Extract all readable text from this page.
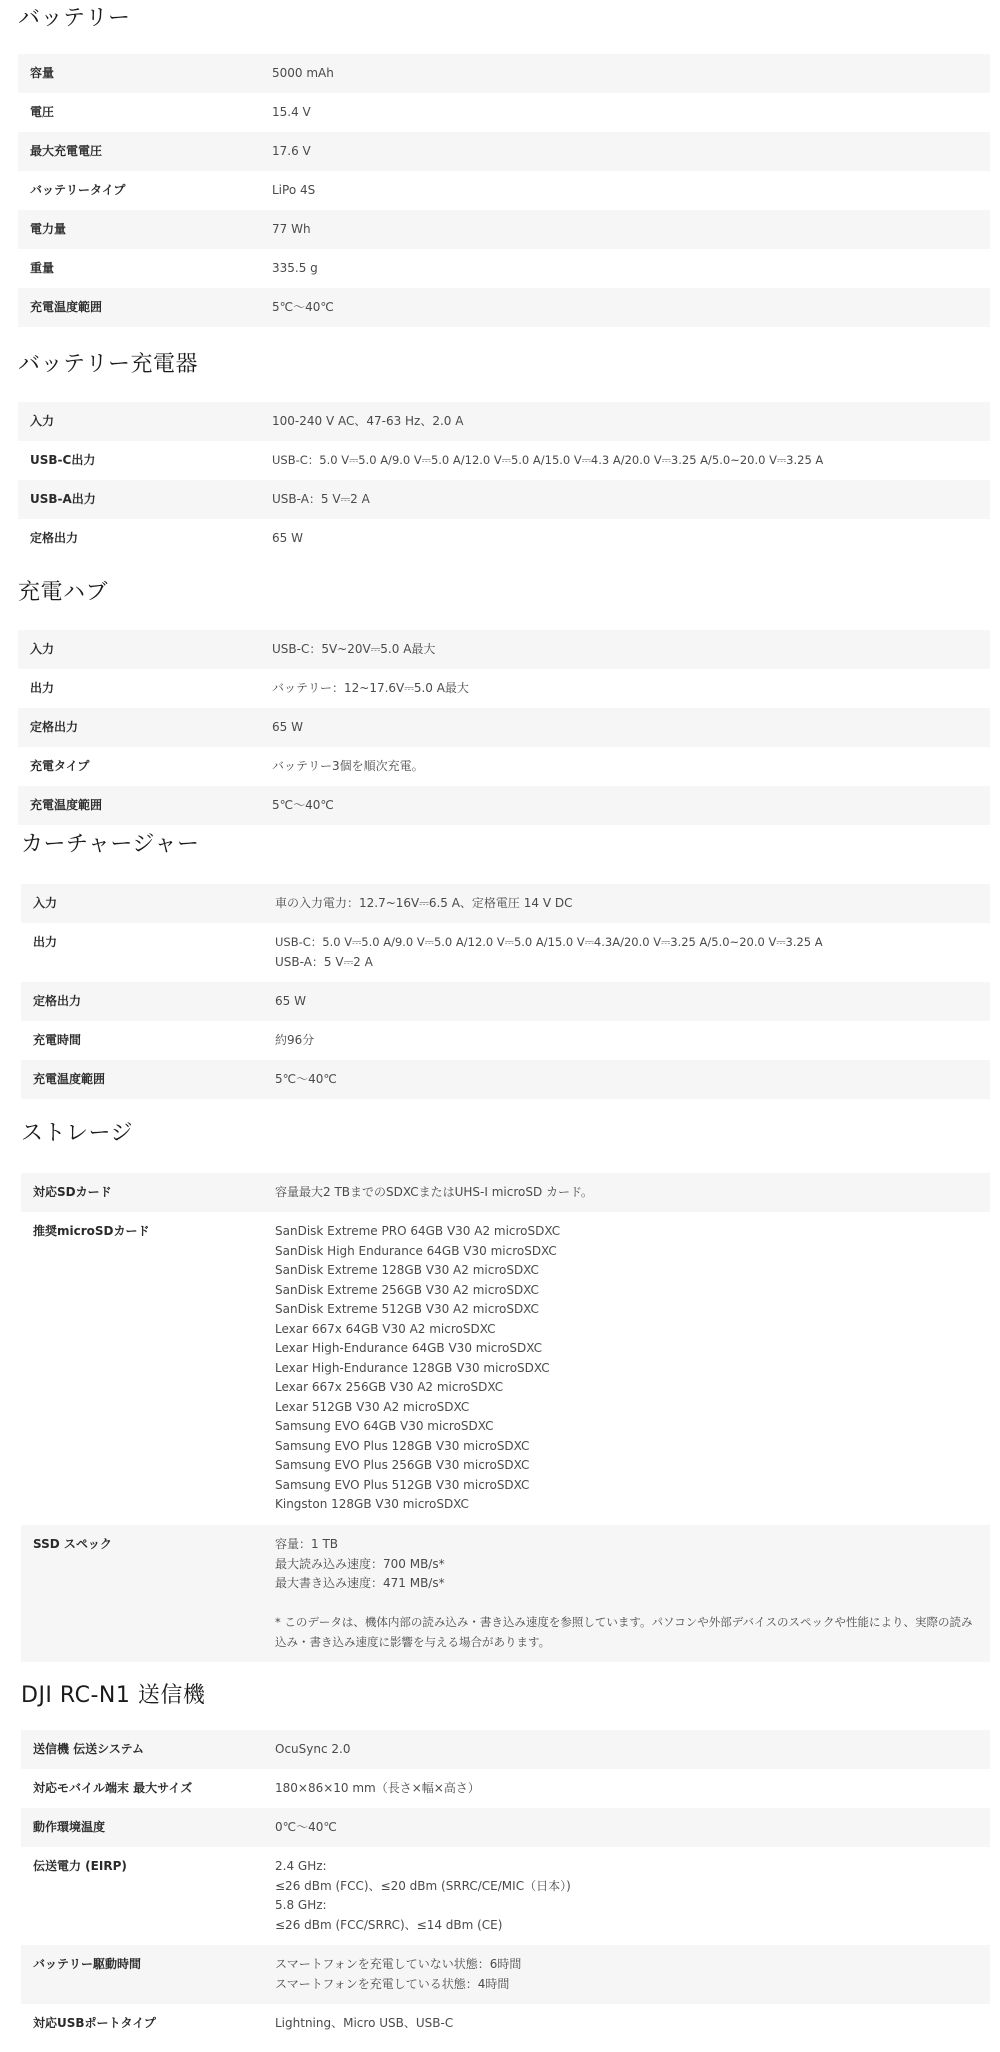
バッテリー
容量	5000 mAh
電圧	15.4 V
最大充電電圧	17.6 V
バッテリータイプ	LiPo 4S
電力量	77 Wh
重量	335.5 g
充電温度範囲	5℃〜40℃
バッテリー充電器
入力	100-240 V AC、47-63 Hz、2.0 A
USB-C出力	USB-C：5.0 V⎓5.0 A/9.0 V⎓5.0 A/12.0 V⎓5.0 A/15.0 V⎓4.3 A/20.0 V⎓3.25 A/5.0~20.0 V⎓3.25 A
USB-A出力	USB-A：5 V⎓2 A
定格出力	65 W
充電ハブ
入力	USB-C：5V~20V⎓5.0 A最大
出力	バッテリー：12~17.6V⎓5.0 A最大
定格出力	65 W
充電タイプ	バッテリー3個を順次充電。
充電温度範囲	5℃〜40℃
カーチャージャー
入力	車の入力電力：12.7~16V⎓6.5 A、定格電圧 14 V DC
出力	USB-C：5.0 V⎓5.0 A/9.0 V⎓5.0 A/12.0 V⎓5.0 A/15.0 V⎓4.3A/20.0 V⎓3.25 A/5.0~20.0 V⎓3.25 A
USB-A：5 V⎓2 A
定格出力	65 W
充電時間	約96分
充電温度範囲	5℃〜40℃
ストレージ
対応SDカード	容量最大2 TBまでのSDXCまたはUHS-I microSD カード。
推奨microSDカード	SanDisk Extreme PRO 64GB V30 A2 microSDXC
SanDisk High Endurance 64GB V30 microSDXC
SanDisk Extreme 128GB V30 A2 microSDXC
SanDisk Extreme 256GB V30 A2 microSDXC
SanDisk Extreme 512GB V30 A2 microSDXC
Lexar 667x 64GB V30 A2 microSDXC
Lexar High-Endurance 64GB V30 microSDXC
Lexar High-Endurance 128GB V30 microSDXC
Lexar 667x 256GB V30 A2 microSDXC
Lexar 512GB V30 A2 microSDXC
Samsung EVO 64GB V30 microSDXC
Samsung EVO Plus 128GB V30 microSDXC
Samsung EVO Plus 256GB V30 microSDXC
Samsung EVO Plus 512GB V30 microSDXC
Kingston 128GB V30 microSDXC
SSD スペック	容量：1 TB
最大読み込み速度：700 MB/s*
最大書き込み速度：471 MB/s*
* このデータは、機体内部の読み込み・書き込み速度を参照しています。パソコンや外部デバイスのスペックや性能により、実際の読み込み・書き込み速度に影響を与える場合があります。
DJI RC-N1 送信機
送信機 伝送システム	OcuSync 2.0
対応モバイル端末 最大サイズ	180×86×10 mm（長さ×幅×高さ）
動作環境温度	0℃〜40℃
伝送電力 (EIRP)	2.4 GHz:
≤26 dBm (FCC)、≤20 dBm (SRRC/CE/MIC（日本）)
5.8 GHz:
≤26 dBm (FCC/SRRC)、≤14 dBm (CE)
バッテリー駆動時間	スマートフォンを充電していない状態：6時間
スマートフォンを充電している状態：4時間
対応USBポートタイプ	Lightning、Micro USB、USB-C
